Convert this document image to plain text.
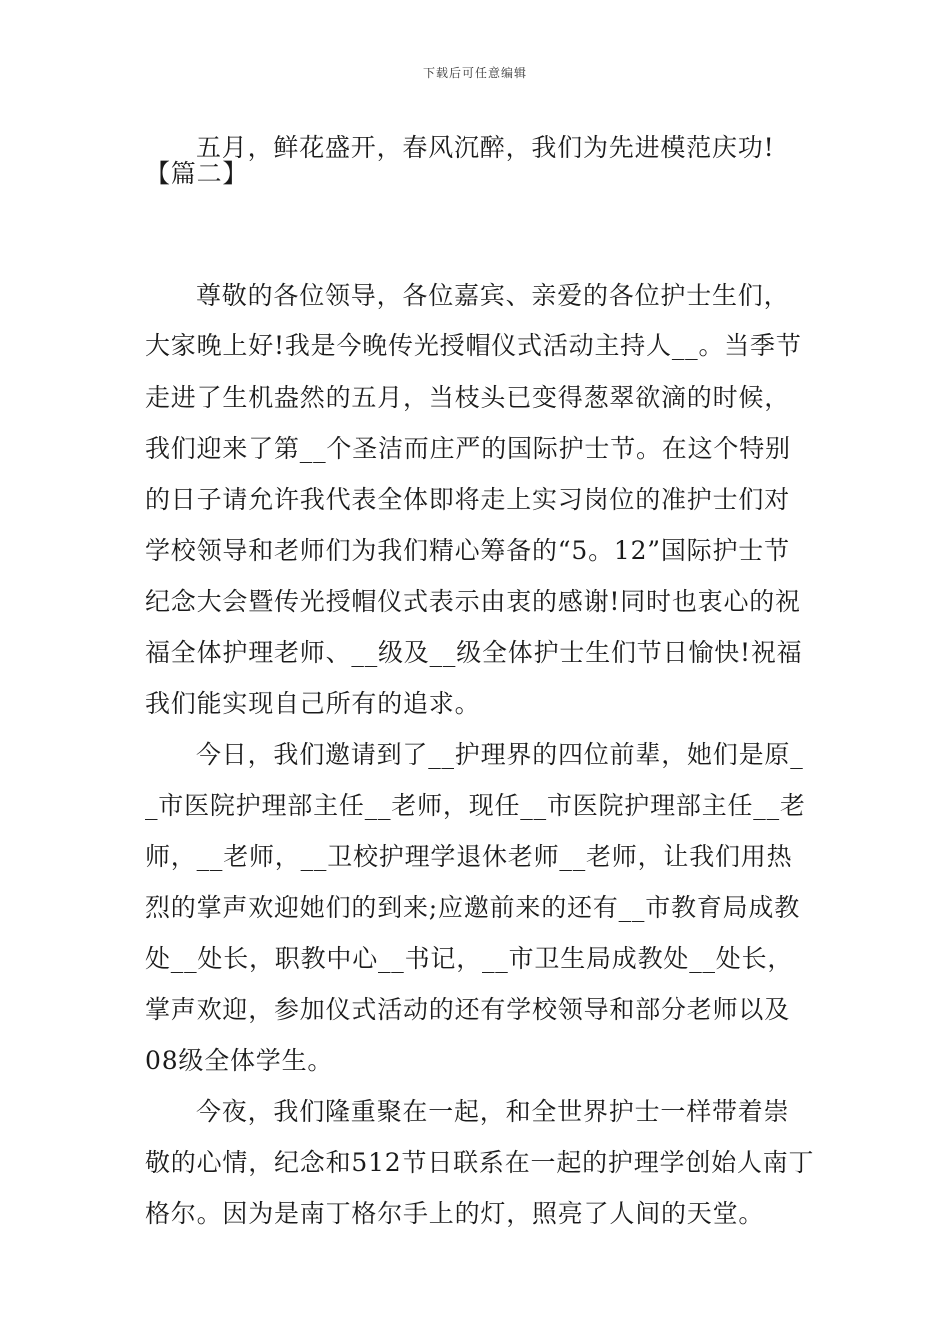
下载后可任意编辑
五月，鲜花盛开，春风沉醉，我们为先进模范庆功!
【篇二】
尊敬的各位领导，各位嘉宾、亲爱的各位护士生们，
大家晚上好!我是今晚传光授帽仪式活动主持人__。当季节
走进了生机盎然的五月，当枝头已变得葱翠欲滴的时候，
我们迎来了第__个圣洁而庄严的国际护士节。在这个特别
的日子请允许我代表全体即将走上实习岗位的准护士们对
学校领导和老师们为我们精心筹备的“5。12”国际护士节
纪念大会暨传光授帽仪式表示由衷的感谢!同时也衷心的祝
福全体护理老师、__级及__级全体护士生们节日愉快!祝福
我们能实现自己所有的追求。
今日，我们邀请到了__护理界的四位前辈，她们是原_
_市医院护理部主任__老师，现任__市医院护理部主任__老
师，__老师，__卫校护理学退休老师__老师，让我们用热
烈的掌声欢迎她们的到来;应邀前来的还有__市教育局成教
处__处长，职教中心__书记，__市卫生局成教处__处长，
掌声欢迎，参加仪式活动的还有学校领导和部分老师以及
08级全体学生。
今夜，我们隆重聚在一起，和全世界护士一样带着崇
敬的心情，纪念和512节日联系在一起的护理学创始人南丁
格尔。因为是南丁格尔手上的灯，照亮了人间的天堂。
